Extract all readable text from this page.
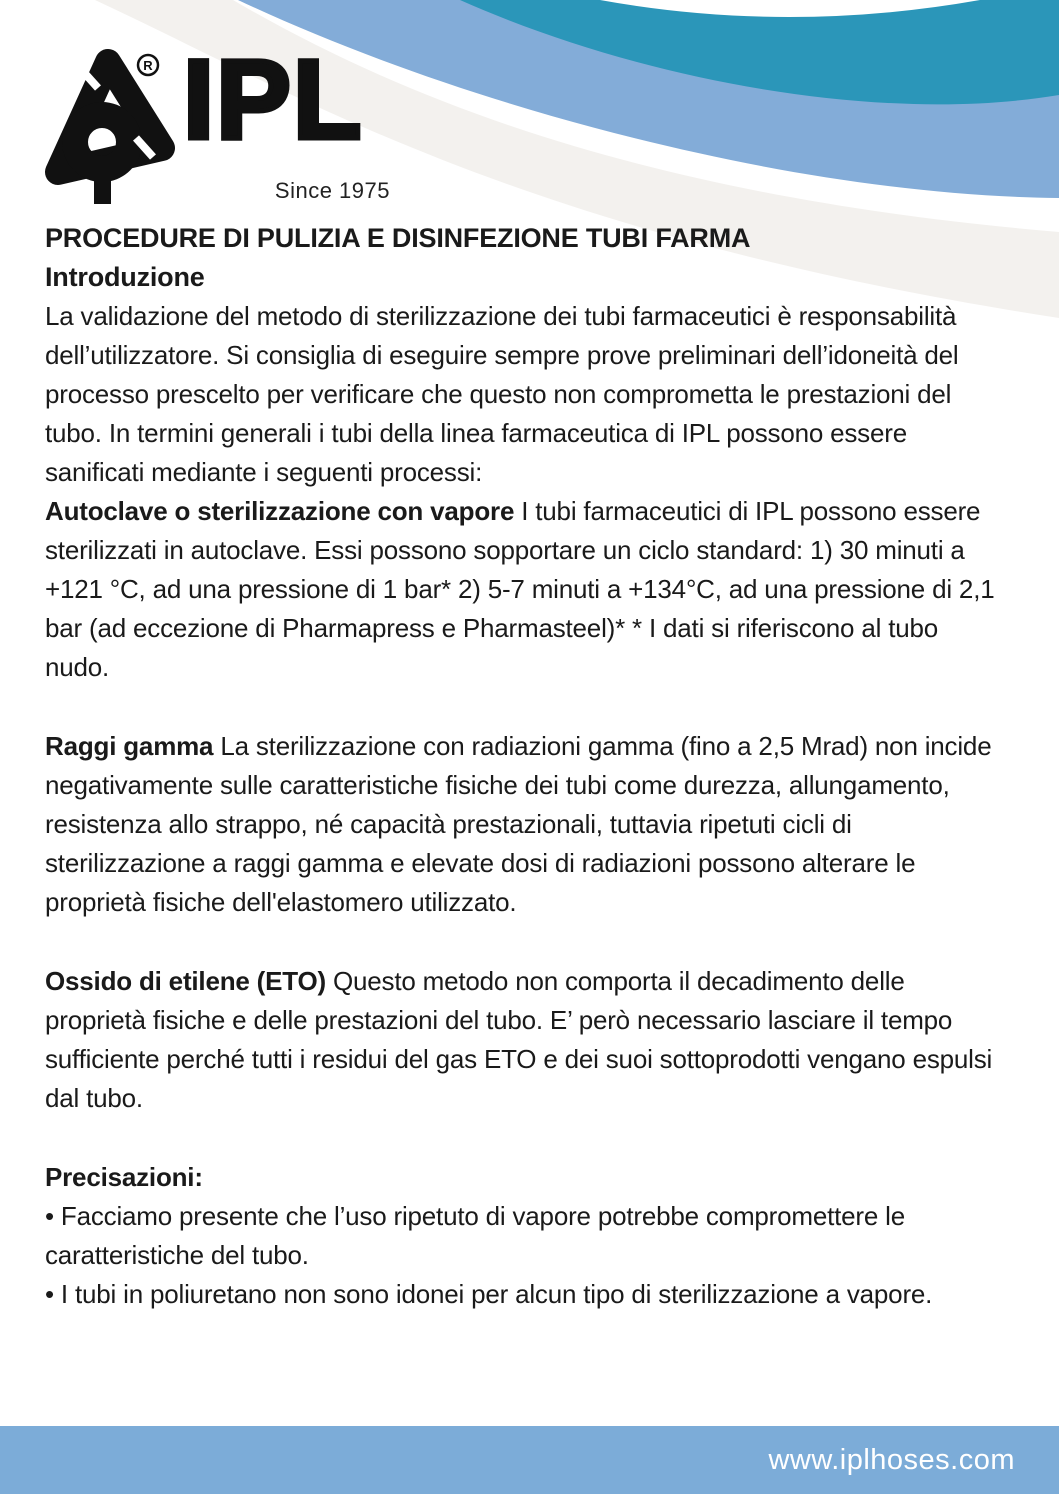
R IPL
Since 1975

PROCEDURE DI PULIZIA E DISINFEZIONE TUBI FARMA

Introduzione

La validazione del metodo di sterilizzazione dei tubi farmaceutici è responsabilità dell’utilizzatore. Si consiglia di eseguire sempre prove preliminari dell’idoneità del processo prescelto per verificare che questo non comprometta le prestazioni del tubo. In termini generali i tubi della linea farmaceutica di IPL possono essere sanificati mediante i seguenti processi:

Autoclave o sterilizzazione con vapore I tubi farmaceutici di IPL possono essere sterilizzati in autoclave. Essi possono sopportare un ciclo standard: 1) 30 minuti a +121 °C, ad una pressione di 1 bar* 2) 5-7 minuti a +134°C, ad una pressione di 2,1 bar (ad eccezione di Pharmapress e Pharmasteel)* * I dati si riferiscono al tubo nudo.

Raggi gamma La sterilizzazione con radiazioni gamma (fino a 2,5 Mrad) non incide negativamente sulle caratteristiche fisiche dei tubi come durezza, allungamento, resistenza allo strappo, né capacità prestazionali, tuttavia ripetuti cicli di sterilizzazione a raggi gamma e elevate dosi di radiazioni possono alterare le proprietà fisiche dell'elastomero utilizzato.

Ossido di etilene (ETO) Questo metodo non comporta il decadimento delle proprietà fisiche e delle prestazioni del tubo. E’ però necessario lasciare il tempo sufficiente perché tutti i residui del gas ETO e dei suoi sottoprodotti vengano espulsi dal tubo.

Precisazioni:

• Facciamo presente che l’uso ripetuto di vapore potrebbe compromettere le caratteristiche del tubo.

• I tubi in poliuretano non sono idonei per alcun tipo di sterilizzazione a vapore.

www.iplhoses.com
